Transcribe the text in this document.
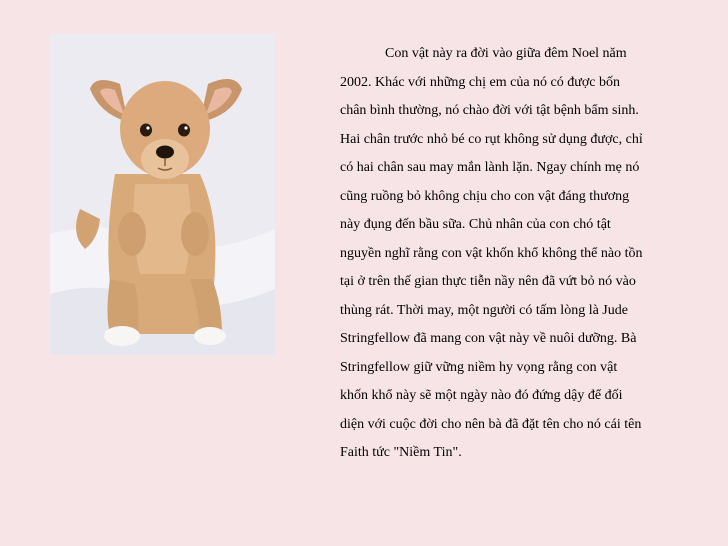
Con vật này ra đời vào giữa đêm Noel năm
2002. Khác với những chị em của nó có được bốn
chân bình thường, nó chào đời với tật bệnh bẩm sinh.
Hai chân trước nhỏ bé co rụt không sử dụng được, chỉ
có hai chân sau may mắn lành lặn. Ngay chính mẹ nó
cũng ruồng bỏ không chịu cho con vật đáng thương
này đụng đến bầu sữa. Chủ nhân của con chó tật
nguyền nghĩ rằng con vật khốn khổ không thể nào tồn
tại ở trên thế gian thực tiễn nầy nên đã vứt bỏ nó vào
thùng rát. Thời may, một người có tấm lòng là Jude
Stringfellow đã mang con vật này về nuôi dưỡng. Bà
Stringfellow giữ vững niềm hy vọng rằng con vật
khốn khổ này sẽ một ngày nào đó đứng dậy để đối
diện với cuộc đời cho nên bà đã đặt tên cho nó cái tên
Faith tức "Niềm Tin".
